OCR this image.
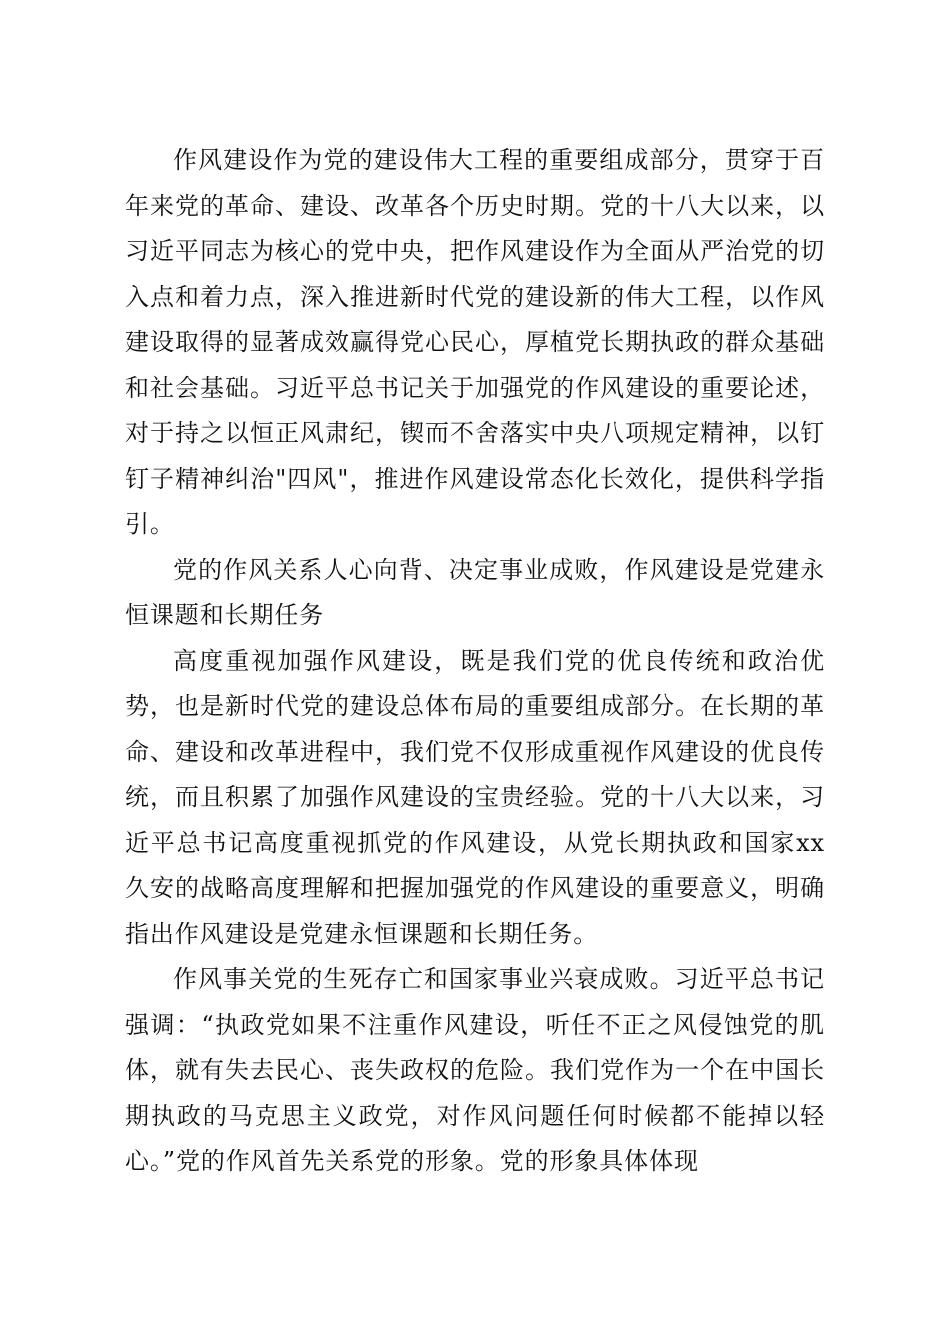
作风建设作为党的建设伟大工程的重要组成部分，贯穿于百年来党的革命、建设、改革各个历史时期。党的十八大以来，以习近平同志为核心的党中央，把作风建设作为全面从严治党的切入点和着力点，深入推进新时代党的建设新的伟大工程，以作风建设取得的显著成效赢得党心民心，厚植党长期执政的群众基础和社会基础。习近平总书记关于加强党的作风建设的重要论述，对于持之以恒正风肃纪，锲而不舍落实中央八项规定精神，以钉钉子精神纠治"四风"，推进作风建设常态化长效化，提供科学指引。

党的作风关系人心向背、决定事业成败，作风建设是党建永恒课题和长期任务

高度重视加强作风建设，既是我们党的优良传统和政治优势，也是新时代党的建设总体布局的重要组成部分。在长期的革命、建设和改革进程中，我们党不仅形成重视作风建设的优良传统，而且积累了加强作风建设的宝贵经验。党的十八大以来，习近平总书记高度重视抓党的作风建设，从党长期执政和国家xx久安的战略高度理解和把握加强党的作风建设的重要意义，明确指出作风建设是党建永恒课题和长期任务。

作风事关党的生死存亡和国家事业兴衰成败。习近平总书记强调：“执政党如果不注重作风建设，听任不正之风侵蚀党的肌体，就有失去民心、丧失政权的危险。我们党作为一个在中国长期执政的马克思主义政党，对作风问题任何时候都不能掉以轻心。”党的作风首先关系党的形象。党的形象具体体现
